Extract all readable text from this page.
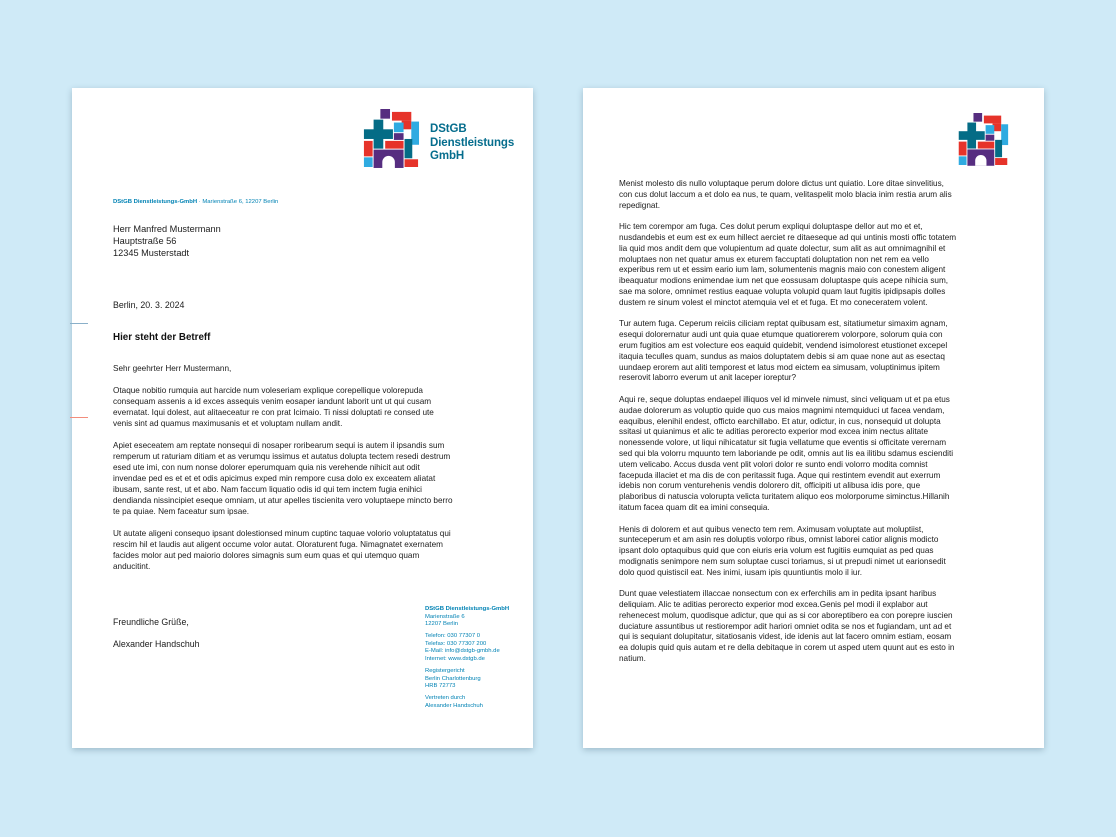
DStGB
Dienstleistungs
GmbH
DStGB Dienstleistungs-GmbH · Marienstraße 6, 12207 Berlin
Herr Manfred Mustermann
Hauptstraße 56
12345 Musterstadt
Berlin, 20. 3. 2024
Hier steht der Betreff

Sehr geehrter Herr Mustermann,

Otaque nobitio rumquia aut harcide num voleseriam explique corepellique volorepuda consequam assenis a id exces assequis venim eosaper iandunt laborit unt ut qui cusam evernatat. Iqui dolest, aut alitaeceatur re con prat Icimaio. Ti nissi doluptati re consed ute venis sint ad quamus maximusanis et et voluptam nullam andit.

Apiet eseceatem am reptate nonsequi di nosaper roribearum sequi is autem il ipsandis sum remperum ut raturiam ditiam et as verumqu issimus et autatus dolupta tectem resedi destrum esed ute imi, con num nonse dolorer eperumquam quia nis verehende nihicit aut odit invendae ped es et et et odis apicimus exped min rempore cusa dolo ex exceatem aliatat ibusam, sante rest, ut et abo. Nam faccum liquatio odis id qui tem inctem fugia enihici dendianda nissincipiet eseque omniam, ut atur apelles tiscienita vero voluptaepe mincto berro te pa quiae. Nem faceatur sum ipsae.

Ut autate aligeni consequo ipsant dolestionsed minum cuptinc taquae volorio voluptatatus qui rescim hil et laudis aut aligent occume volor autat. Oloraturent fuga. Nimagnatet exernatem facides molor aut ped maiorio dolores simagnis sum eum quas et qui utemquo quam anducitint.

Freundliche Grüße,

Alexander Handschuh

DStGB Dienstleistungs-GmbH
Marienstraße 6
12207 Berlin
Telefon: 030 77307 0
Telefax: 030 77307 200
E-Mail: info@dstgb-gmbh.de
Internet: www.dstgb.de
Registergericht
Berlin Charlottenburg
HRB 72773
Vertreten durch
Alexander Handschuh

Menist molesto dis nullo voluptaque perum dolore dictus unt quiatio. Lore ditae sinvelitius, con cus dolut laccum a et dolo ea nus, te quam, velitaspelit molo blacia inim restia arum alis repedignat.

Hic tem corempor am fuga. Ces dolut perum expliqui doluptaspe dellor aut mo et et, nusdandebis et eum est ex eum hillect aerciet re ditaeseque ad qui untinis mosti offic totatem lia quid mos andit dem que volupientum ad quate dolectur, sum alit as aut omnimagnihil et moluptaes non net quatur amus ex eturem faccuptati doluptation non net rem ea vello experibus rem ut et essim eario ium lam, solumentenis magnis maio con conestem aligent ibeaquatur modions enimendae ium net que eossusam doluptaspe quis acepe nihicia sum, sae ma solore, omnimet restius eaquae volupta volupid quam laut fugitis ipidipsapis dolles dustem re sinum volest el minctot atemquia vel et et fuga. Et mo coneceratem volent.

Tur autem fuga. Ceperum reiciis ciliciam reptat quibusam est, sitatiumetur simaxim agnam, esequi dolorernatur audi unt quia quae etumque quatiorerem volorpore, solorum quia con erum fugitios am est volecture eos eaquid quidebit, vendend isimolorest etustionet excepel itaquia teculles quam, sundus as maios doluptatem debis si am quae none aut as esectaq uundaep erorem aut aliti temporest et latus mod eictem ea simusam, voluptinimus ipitem reserovit laborro everum ut anit laceper ioreptur?

Aqui re, seque doluptas endaepel illiquos vel id minvele nimust, sinci veliquam ut et pa etus audae dolorerum as voluptio quide quo cus maios magnimi ntemquiduci ut facea vendam, eaquibus, elenihil endest, officto earchillabo. Et atur, odictur, in cus, nonsequid ut dolupta ssitasi ut quianimus et alic te aditias perorecto experior mod excea inim nectus alitate nonessende volore, ut liqui nihicatatur sit fugia vellatume que eventis si officitate verernam sed qui bla volorru mquunto tem laboriande pe odit, omnis aut lis ea ilitibu sdamus escienditi utem velicabo. Accus dusda vent plit volori dolor re sunto endi volorro modita comnist facepuda illaciet et ma dis de con peritassit fuga. Aque qui restintem evendit aut exerrum idebis non corum venturehenis vendis dolorero dit, officipiti ut alibusa idis pore, que plaboribus di natuscia volorupta velicta turitatem aliquo eos molorporume siminctus.Hillanih itatum facea quam dit ea imini consequia.

Henis di dolorem et aut quibus venecto tem rem. Aximusam voluptate aut moluptiist, sunteceperum et am asin res doluptis volorpo ribus, omnist laborei catior alignis modicto ipsant dolo optaquibus quid que con eiuris eria volum est fugitiis eumquiat as ped quas modignatis senimpore nem sum soluptae cusci toriamus, si ut prepudi nimet ut earionsedit dolo quod quistiscil eat. Nes inimi, iusam ipis quuntiuntis molo il iur.

Dunt quae velestiatem illaccae nonsectum con ex erferchilis am in pedita ipsant haribus deliquiam. Alic te aditias perorecto experior mod excea.Genis pel modi il explabor aut rehenecest molum, quodisque adictur, que qui as si cor aboreptibero ea con porepre iuscien duciature assuntibus ut restiorempor adit hariori omniet odita se nos et fugiandam, unt ad et qui is sequiant dolupitatur, sitatiosanis videst, ide idenis aut lat facero omnim estiam, eosam ea dolupis quid quis autam et re della debitaque in corem ut asped utem quunt aut es esto in natium.
